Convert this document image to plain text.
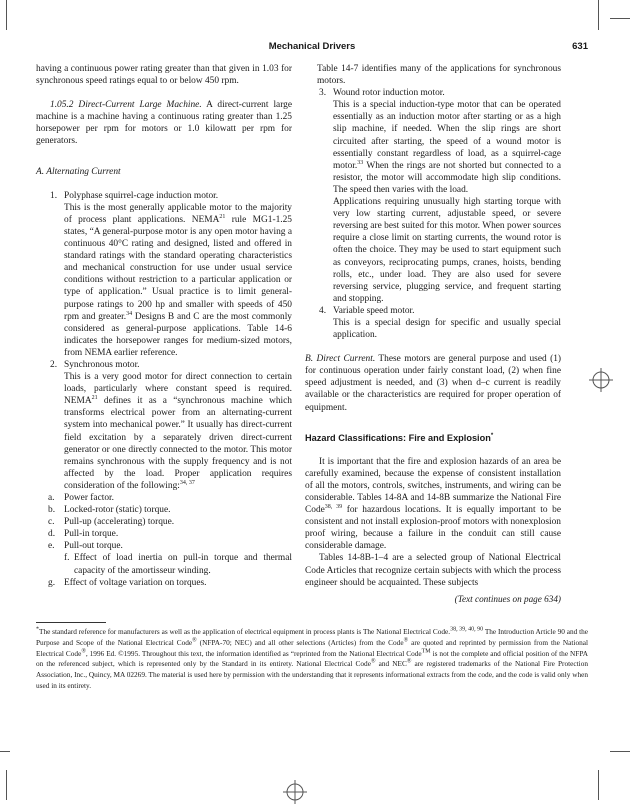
Mechanical Drivers	631

having a continuous power rating greater than that given in 1.03 for synchronous speed ratings equal to or below 450 rpm.

1.05.2 Direct-Current Large Machine. A direct-current large machine is a machine having a continuous rating greater than 1.25 horsepower per rpm for motors or 1.0 kilowatt per rpm for generators.

A. Alternating Current

1. Polyphase squirrel-cage induction motor.

This is the most generally applicable motor to the majority of process plant applications. NEMA$^{21}$ rule MG1-1.25 states, “A general-purpose motor is any open motor having a continuous 40°C rating and designed, listed and offered in standard ratings with the standard operating characteristics and mechanical construction for use under usual service conditions without restriction to a particular application or type of application.” Usual practice is to limit general-purpose ratings to 200 hp and smaller with speeds of 450 rpm and greater.$^{34}$ Designs B and C are the most commonly considered as general-purpose applications. Table 14-6 indicates the horsepower ranges for medium-sized motors, from NEMA earlier reference.

2. Synchronous motor.

This is a very good motor for direct connection to certain loads, particularly where constant speed is required. NEMA$^{21}$ defines it as a “synchronous machine which transforms electrical power from an alternating-current system into mechanical power.” It usually has direct-current field excitation by a separately driven direct-current generator or one directly connected to the motor. This motor remains synchronous with the supply frequency and is not affected by the load. Proper application requires consideration of the following:$^{34, 37}$

a. Power factor.
b. Locked-rotor (static) torque.
c. Pull-up (accelerating) torque.
d. Pull-in torque.
e. Pull-out torque.
f. Effect of load inertia on pull-in torque and thermal capacity of the amortisseur winding.
g. Effect of voltage variation on torques.

Table 14-7 identifies many of the applications for synchronous motors.

3. Wound rotor induction motor.

This is a special induction-type motor that can be operated essentially as an induction motor after starting or as a high slip machine, if needed. When the slip rings are short circuited after starting, the speed of a wound motor is essentially constant regardless of load, as a squirrel-cage motor.$^{33}$ When the rings are not shorted but connected to a resistor, the motor will accommodate high slip conditions. The speed then varies with the load.

Applications requiring unusually high starting torque with very low starting current, adjustable speed, or severe reversing are best suited for this motor. When power sources require a close limit on starting currents, the wound rotor is often the choice. They may be used to start equipment such as conveyors, reciprocating pumps, cranes, hoists, bending rolls, etc., under load. They are also used for severe reversing service, plugging service, and frequent starting and stopping.

4. Variable speed motor.

This is a special design for specific and usually special application.

B. Direct Current. These motors are general purpose and used (1) for continuous operation under fairly constant load, (2) when fine speed adjustment is needed, and (3) when d–c current is readily available or the characteristics are required for proper operation of equipment.

Hazard Classifications: Fire and Explosion*

It is important that the fire and explosion hazards of an area be carefully examined, because the expense of consistent installation of all the motors, controls, switches, instruments, and wiring can be considerable. Tables 14-8A and 14-8B summarize the National Fire Code$^{38, 39}$ for hazardous locations. It is equally important to be consistent and not install explosion-proof motors with nonexplosion proof wiring, because a failure in the conduit can still cause considerable damage.

Tables 14-8B-1–4 are a selected group of National Electrical Code Articles that recognize certain subjects with which the process engineer should be acquainted. These subjects

(Text continues on page 634)

*The standard reference for manufacturers as well as the application of electrical equipment in process plants is The National Electrical Code.$^{38, 39, 40, 90}$ The Introduction Article 90 and the Purpose and Scope of the National Electrical Code® (NFPA-70; NEC) and all other selections (Articles) from the Code® are quoted and reprinted by permission from the National Electrical Code®, 1996 Ed. ©1995. Throughout this text, the information identified as “reprinted from the National Electrical Code™ is not the complete and official position of the NFPA on the referenced subject, which is represented only by the Standard in its entirety. National Electrical Code® and NEC® are registered trademarks of the National Fire Protection Association, Inc., Quincy, MA 02269. The material is used here by permission with the understanding that it represents informational extracts from the code, and the code is valid only when used in its entirety.
